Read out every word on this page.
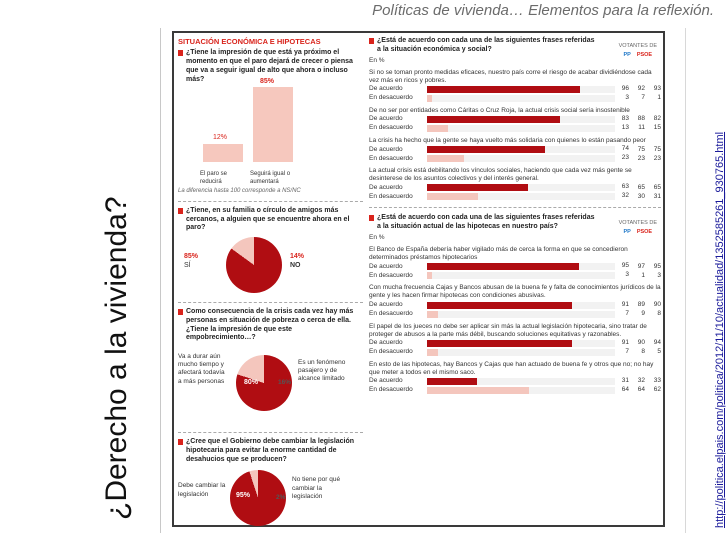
Políticas de vivienda… Elementos para la reflexión.
¿Derecho a la vivienda?	http://politica.elpais.com/politica/2012/11/10/actualidad/1352585261_930765.html
SITUACIÓN ECONÓMICA E HIPOTECAS
¿Tiene la impresión de que está ya próximo el momento en que el paro dejará de crecer o piensa que va a seguir igual de alto que ahora o incluso más?
12%
85%
El paro se reducirá
Seguirá igual o aumentará
La diferencia hasta 100 corresponde a NS/NC
¿Tiene, en su familia o círculo de amigos más cercanos, a alguien que se encuentre ahora en el paro?
85%
SÍ
14%
NO
Como consecuencia de la crisis cada vez hay más personas en situación de pobreza o cerca de ella. ¿Tiene la impresión de que este empobrecimiento…?
Va a durar aún mucho tiempo y afectará todavía a más personas	80%	16%
Es un fenómeno pasajero y de alcance limitado
¿Cree que el Gobierno debe cambiar la legislación hipotecaria para evitar la enorme cantidad de desahucios que se producen?
Debe cambiar la legislación	95%	2%
No tiene por qué cambiar la legislación
¿Está de acuerdo con cada una de las siguientes frases referidas a la situación económica y social?
En %
VOTANTES DE
PP PSOE
Si no se toman pronto medidas eficaces, nuestro país corre el riesgo de acabar dividiéndose cada vez más en ricos y pobres.
De acuerdo	96	92	93
En desacuerdo	3	7	1
De no ser por entidades como Cáritas o Cruz Roja, la actual crisis social sería insostenible
De acuerdo	83	88	82
En desacuerdo	13	11	15
La crisis ha hecho que la gente se haya vuelto más solidaria con quienes lo están pasando peor
De acuerdo	74	75	75
En desacuerdo	23	23	23
La actual crisis está debilitando los vínculos sociales, haciendo que cada vez más gente se desinterese de los asuntos colectivos y del interés general.
De acuerdo	63	65	65
En desacuerdo	32	30	31
¿Está de acuerdo con cada una de las siguientes frases referidas a la situación actual de las hipotecas en nuestro país?
En %
VOTANTES DE
PP PSOE
El Banco de España debería haber vigilado más de cerca la forma en que se concedieron determinados préstamos hipotecarios
De acuerdo	95	97	95
En desacuerdo	3	1	3
Con mucha frecuencia Cajas y Bancos abusan de la buena fe y falta de conocimientos jurídicos de la gente y les hacen firmar hipotecas con condiciones abusivas.
De acuerdo	91	89	90
En desacuerdo	7	9	8
El papel de los jueces no debe ser aplicar sin más la actual legislación hipotecaria, sino tratar de proteger de abusos a la parte más débil, buscando soluciones equitativas y razonables.
De acuerdo	91	90	94
En desacuerdo	7	8	5
En esto de las hipotecas, hay Bancos y Cajas que han actuado de buena fe y otros que no; no hay que meter a todos en el mismo saco.
De acuerdo	31	32	33
En desacuerdo	64	64	62
